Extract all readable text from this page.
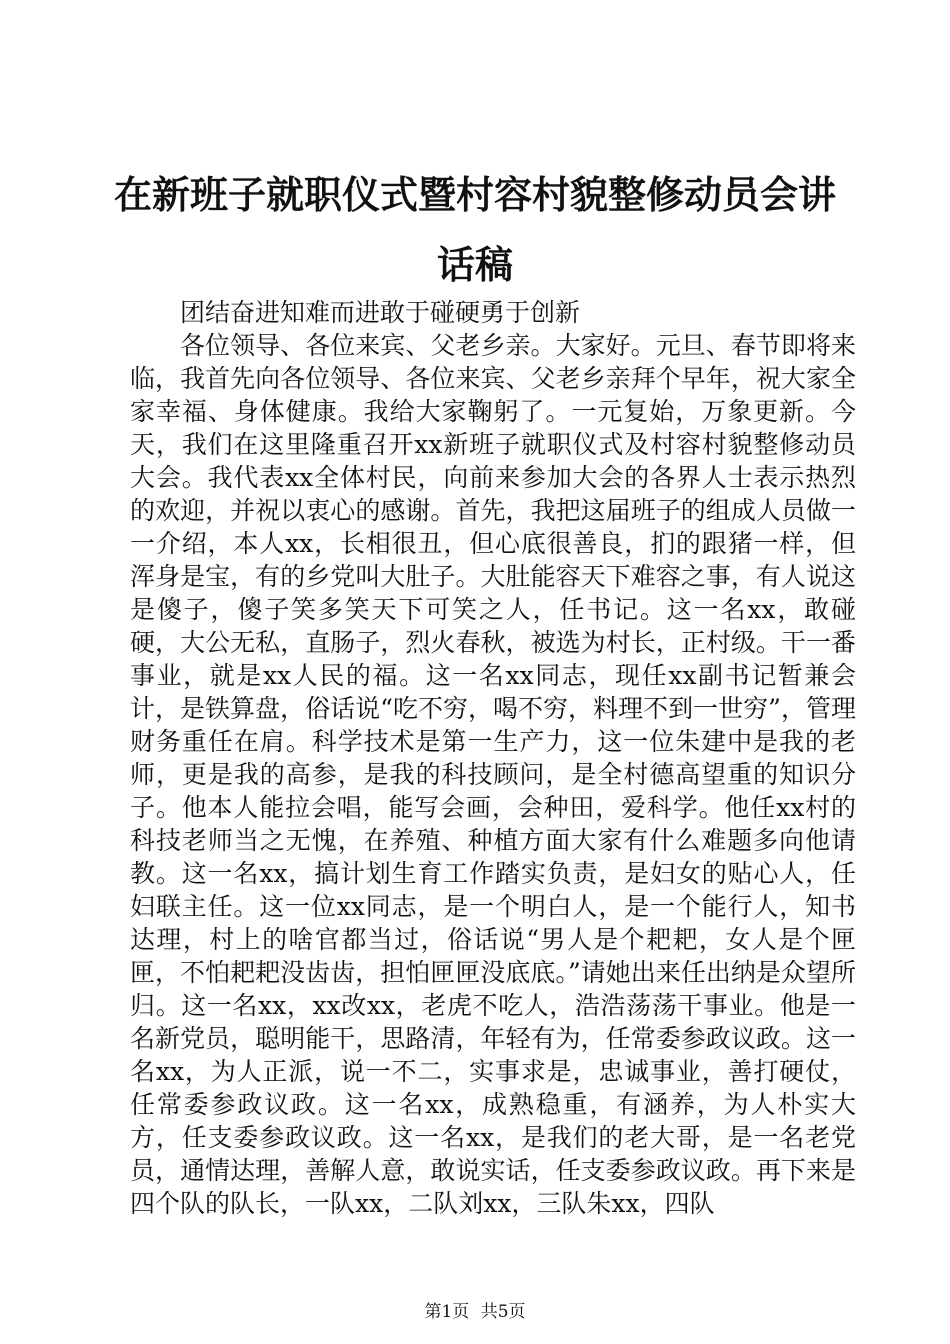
在新班子就职仪式暨村容村貌整修动员会讲话稿

团结奋进知难而进敢于碰硬勇于创新

各位领导、各位来宾、父老乡亲。大家好。元旦、春节即将来临，我首先向各位领导、各位来宾、父老乡亲拜个早年，祝大家全家幸福、身体健康。我给大家鞠躬了。一元复始，万象更新。今天，我们在这里隆重召开xx新班子就职仪式及村容村貌整修动员大会。我代表xx全体村民，向前来参加大会的各界人士表示热烈的欢迎，并祝以衷心的感谢。首先，我把这届班子的组成人员做一一介绍，本人xx，长相很丑，但心底很善良，扪的跟猪一样，但浑身是宝，有的乡党叫大肚子。大肚能容天下难容之事，有人说这是傻子，傻子笑多笑天下可笑之人，任书记。这一名xx，敢碰硬，大公无私，直肠子，烈火春秋，被选为村长，正村级。干一番事业，就是xx人民的福。这一名xx同志，现任xx副书记暂兼会计，是铁算盘，俗话说“吃不穷，喝不穷，料理不到一世穷”，管理财务重任在肩。科学技术是第一生产力，这一位朱建中是我的老师，更是我的高参，是我的科技顾问，是全村德高望重的知识分子。他本人能拉会唱，能写会画，会种田，爱科学。他任xx村的科技老师当之无愧，在养殖、种植方面大家有什么难题多向他请教。这一名xx，搞计划生育工作踏实负责，是妇女的贴心人，任妇联主任。这一位xx同志，是一个明白人，是一个能行人，知书达理，村上的啥官都当过，俗话说“男人是个耙耙，女人是个匣匣，不怕耙耙没齿齿，担怕匣匣没底底。”请她出来任出纳是众望所归。这一名xx，xx改xx，老虎不吃人，浩浩荡荡干事业。他是一名新党员，聪明能干，思路清，年轻有为，任常委参政议政。这一名xx，为人正派，说一不二，实事求是，忠诚事业，善打硬仗，任常委参政议政。这一名xx，成熟稳重，有涵养，为人朴实大方，任支委参政议政。这一名xx，是我们的老大哥，是一名老党员，通情达理，善解人意，敢说实话，任支委参政议政。再下来是四个队的队长，一队xx，二队刘xx，三队朱xx，四队

第1页 共5页
